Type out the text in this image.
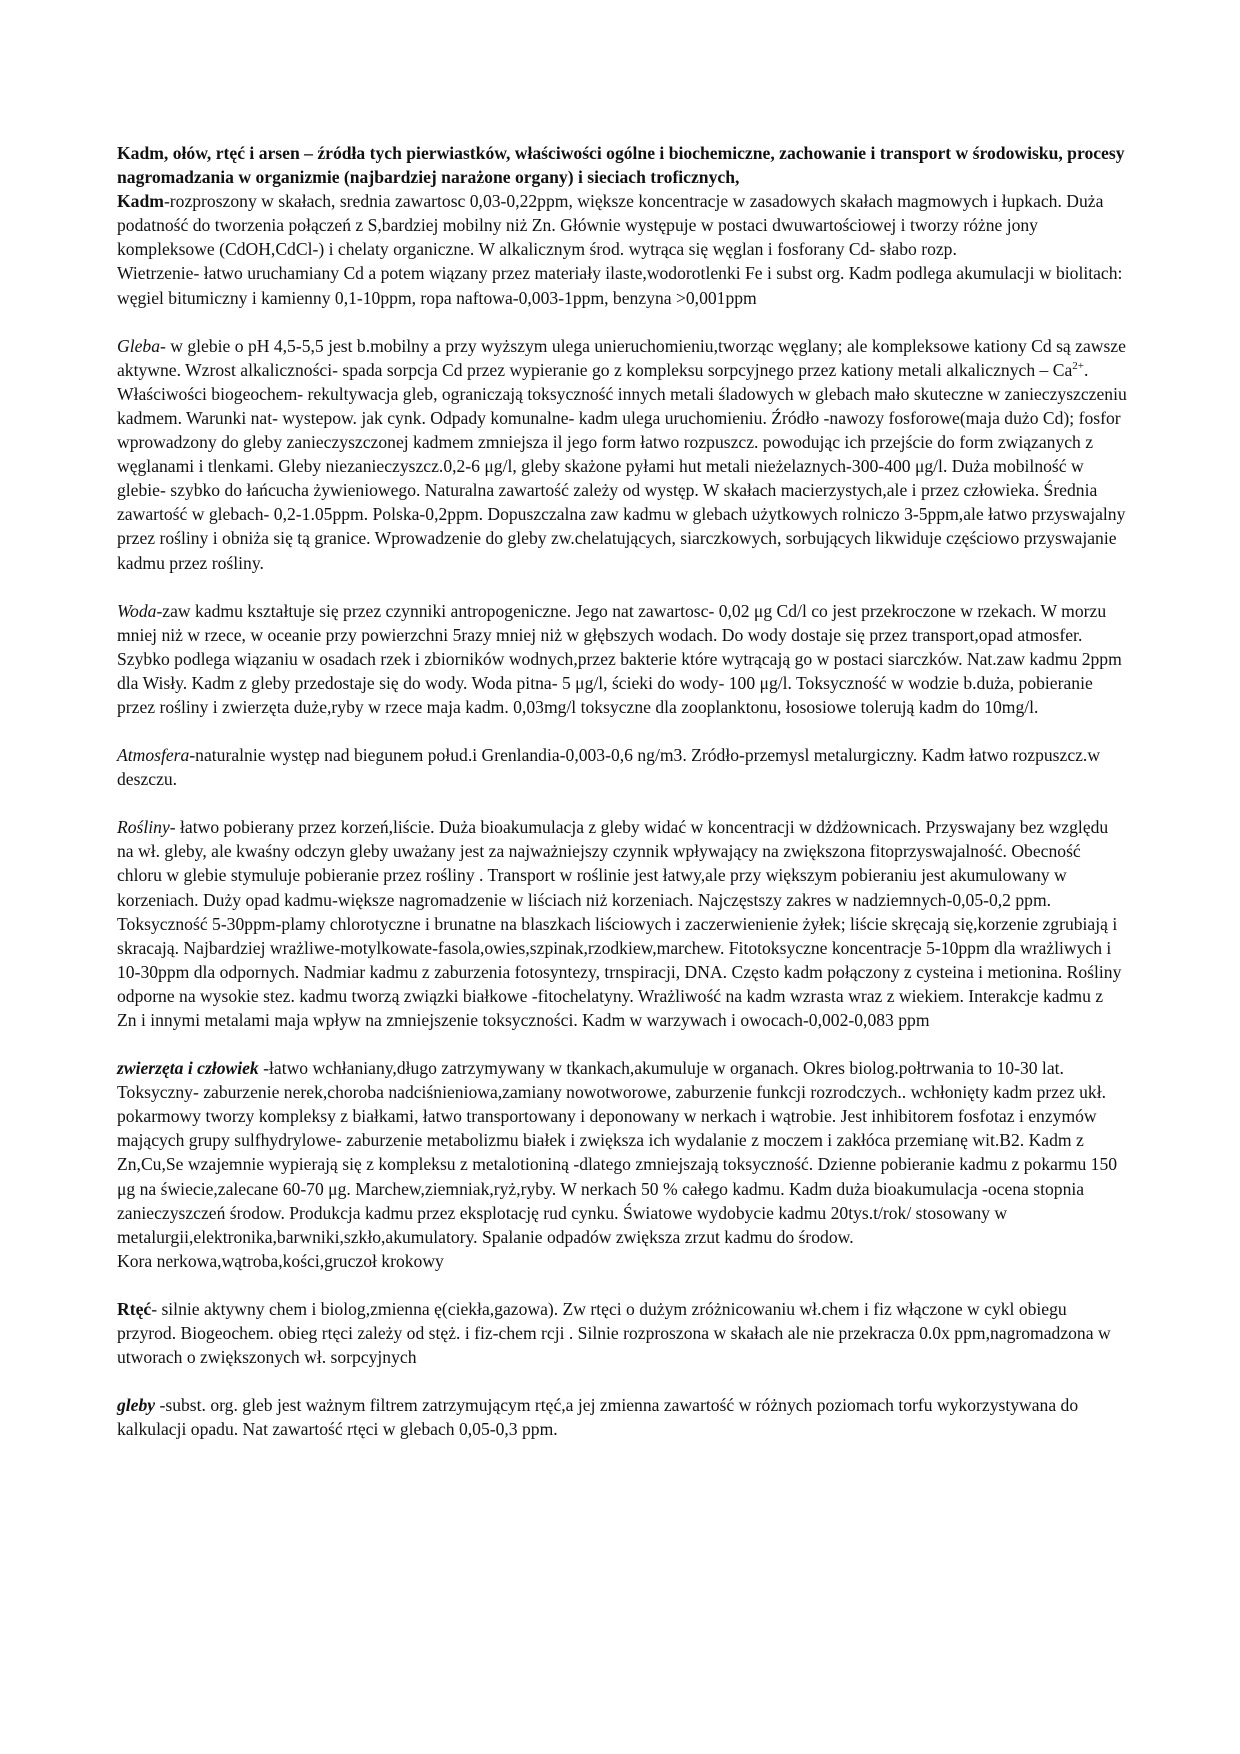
Kadm, ołów, rtęć i arsen – źródła tych pierwiastków, właściwości ogólne i biochemiczne, zachowanie i transport w środowisku, procesy nagromadzania w organizmie (najbardziej narażone organy) i sieciach troficznych,
Kadm-rozproszony w skałach, srednia zawartosc 0,03-0,22ppm, większe koncentracje w zasadowych skałach magmowych i łupkach. Duża podatność do tworzenia połączeń z S,bardziej mobilny niż Zn. Głównie występuje w postaci dwuwartościowej i tworzy różne jony kompleksowe (CdOH,CdCl-) i chelaty organiczne. W alkalicznym środ. wytrąca się węglan i fosforany Cd- słabo rozp.
Wietrzenie- łatwo uruchamiany Cd a potem wiązany przez materiały ilaste,wodorotlenki Fe i subst org. Kadm podlega akumulacji w biolitach: węgiel bitumiczny i kamienny 0,1-10ppm, ropa naftowa-0,003-1ppm, benzyna >0,001ppm

Gleba- w glebie o pH 4,5-5,5 jest b.mobilny a przy wyższym ulega unieruchomieniu,tworząc węglany; ale kompleksowe kationy Cd są zawsze aktywne. Wzrost alkaliczności- spada sorpcja Cd przez wypieranie go z kompleksu sorpcyjnego przez kationy metali alkalicznych – $Ca^{2+}$. Właściwości biogeochem- rekultywacja gleb, ograniczają toksyczność innych metali śladowych w glebach mało skuteczne w zanieczyszczeniu kadmem. Warunki nat- wystepow. jak cynk. Odpady komunalne- kadm ulega uruchomieniu. Źródło -nawozy fosforowe(maja dużo Cd); fosfor wprowadzony do gleby zanieczyszczonej kadmem zmniejsza il jego form łatwo rozpuszcz. powodując ich przejście do form związanych z węglanami i tlenkami. Gleby niezanieczyszcz.0,2-6 μg/l, gleby skażone pyłami hut metali nieżelaznych-300-400 μg/l. Duża mobilność w glebie- szybko do łańcucha żywieniowego. Naturalna zawartość zależy od występ. W skałach macierzystych,ale i przez człowieka. Średnia zawartość w glebach- 0,2-1.05ppm. Polska-0,2ppm. Dopuszczalna zaw kadmu w glebach użytkowych rolniczo 3-5ppm,ale łatwo przyswajalny przez rośliny i obniża się tą granice. Wprowadzenie do gleby zw.chelatujących, siarczkowych, sorbujących likwiduje częściowo przyswajanie kadmu przez rośliny.

Woda-zaw kadmu kształtuje się przez czynniki antropogeniczne. Jego nat zawartosc- 0,02 μg Cd/l co jest przekroczone w rzekach. W morzu mniej niż w rzece, w oceanie przy powierzchni 5razy mniej niż w głębszych wodach. Do wody dostaje się przez transport,opad atmosfer. Szybko podlega wiązaniu w osadach rzek i zbiorników wodnych,przez bakterie które wytrącają go w postaci siarczków. Nat.zaw kadmu 2ppm dla Wisły. Kadm z gleby przedostaje się do wody. Woda pitna- 5 μg/l, ścieki do wody- 100 μg/l. Toksyczność w wodzie b.duża, pobieranie przez rośliny i zwierzęta duże,ryby w rzece maja kadm. 0,03mg/l toksyczne dla zooplanktonu, łososiowe tolerują kadm do 10mg/l.

Atmosfera-naturalnie występ nad biegunem połud.i Grenlandia-0,003-0,6 ng/m3. Zródło-przemysl metalurgiczny. Kadm łatwo rozpuszcz.w deszczu.

Rośliny- łatwo pobierany przez korzeń,liście. Duża bioakumulacja z gleby widać w koncentracji w dżdżownicach. Przyswajany bez względu na wł. gleby, ale kwaśny odczyn gleby uważany jest za najważniejszy czynnik wpływający na zwiększona fitoprzyswajalność. Obecność chloru w glebie stymuluje pobieranie przez rośliny . Transport w roślinie jest łatwy,ale przy większym pobieraniu jest akumulowany w korzeniach. Duży opad kadmu-większe nagromadzenie w liściach niż korzeniach. Najczęstszy zakres w nadziemnych-0,05-0,2 ppm. Toksyczność 5-30ppm-plamy chlorotyczne i brunatne na blaszkach liściowych i zaczerwienienie żyłek; liście skręcają się,korzenie zgrubiają i skracają. Najbardziej wrażliwe-motylkowate-fasola,owies,szpinak,rzodkiew,marchew. Fitotoksyczne koncentracje 5-10ppm dla wrażliwych i 10-30ppm dla odpornych. Nadmiar kadmu z zaburzenia fotosyntezy, trnspiracji, DNA. Często kadm połączony z cysteina i metionina. Rośliny odporne na wysokie stez. kadmu tworzą związki białkowe -fitochelatyny. Wrażliwość na kadm wzrasta wraz z wiekiem. Interakcje kadmu z Zn i innymi metalami maja wpływ na zmniejszenie toksyczności. Kadm w warzywach i owocach-0,002-0,083 ppm

zwierzęta i człowiek -łatwo wchłaniany,długo zatrzymywany w tkankach,akumuluje w organach. Okres biolog.połtrwania to 10-30 lat. Toksyczny- zaburzenie nerek,choroba nadciśnieniowa,zamiany nowotworowe, zaburzenie funkcji rozrodczych.. wchłonięty kadm przez ukł. pokarmowy tworzy kompleksy z białkami, łatwo transportowany i deponowany w nerkach i wątrobie. Jest inhibitorem fosfotaz i enzymów mających grupy sulfhydrylowe- zaburzenie metabolizmu białek i zwiększa ich wydalanie z moczem i zakłóca przemianę wit.B2. Kadm z Zn,Cu,Se wzajemnie wypierają się z kompleksu z metalotioniną -dlatego zmniejszają toksyczność. Dzienne pobieranie kadmu z pokarmu 150 μg na świecie,zalecane 60-70 μg. Marchew,ziemniak,ryż,ryby. W nerkach 50 % całego kadmu. Kadm duża bioakumulacja -ocena stopnia zanieczyszczeń środow. Produkcja kadmu przez eksplotację rud cynku. Światowe wydobycie kadmu 20tys.t/rok/ stosowany w metalurgii,elektronika,barwniki,szkło,akumulatory. Spalanie odpadów zwiększa zrzut kadmu do środow.
Kora nerkowa,wątroba,kości,gruczoł krokowy

Rtęć- silnie aktywny chem i biolog,zmienna ę(ciekła,gazowa). Zw rtęci o dużym zróżnicowaniu wł.chem i fiz włączone w cykl obiegu przyrod. Biogeochem. obieg rtęci zależy od stęż. i fiz-chem rcji . Silnie rozproszona w skałach ale nie przekracza 0.0x ppm,nagromadzona w utworach o zwiększonych wł. sorpcyjnych

gleby -subst. org. gleb jest ważnym filtrem zatrzymującym rtęć,a jej zmienna zawartość w różnych poziomach torfu wykorzystywana do kalkulacji opadu. Nat zawartość rtęci w glebach 0,05-0,3 ppm.
